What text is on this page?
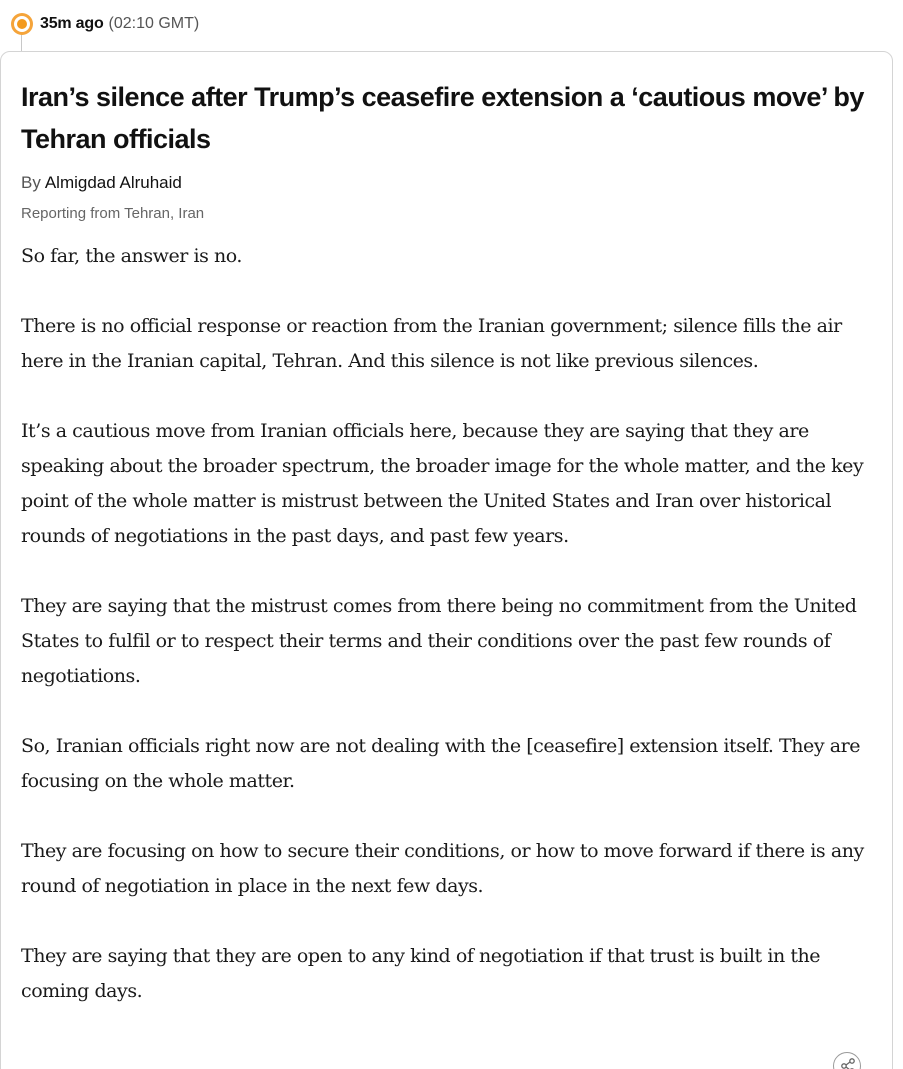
35m ago (02:10 GMT)
Iran’s silence after Trump’s ceasefire extension a ‘cautious move’ by Tehran officials
By Almigdad Alruhaid
Reporting from Tehran, Iran

So far, the answer is no.

There is no official response or reaction from the Iranian government; silence fills the air here in the Iranian capital, Tehran. And this silence is not like previous silences.

It’s a cautious move from Iranian officials here, because they are saying that they are speaking about the broader spectrum, the broader image for the whole matter, and the key point of the whole matter is mistrust between the United States and Iran over historical rounds of negotiations in the past days, and past few years.

They are saying that the mistrust comes from there being no commitment from the United States to fulfil or to respect their terms and their conditions over the past few rounds of negotiations.

So, Iranian officials right now are not dealing with the [ceasefire] extension itself. They are focusing on the whole matter.

They are focusing on how to secure their conditions, or how to move forward if there is any round of negotiation in place in the next few days.

They are saying that they are open to any kind of negotiation if that trust is built in the coming days.
